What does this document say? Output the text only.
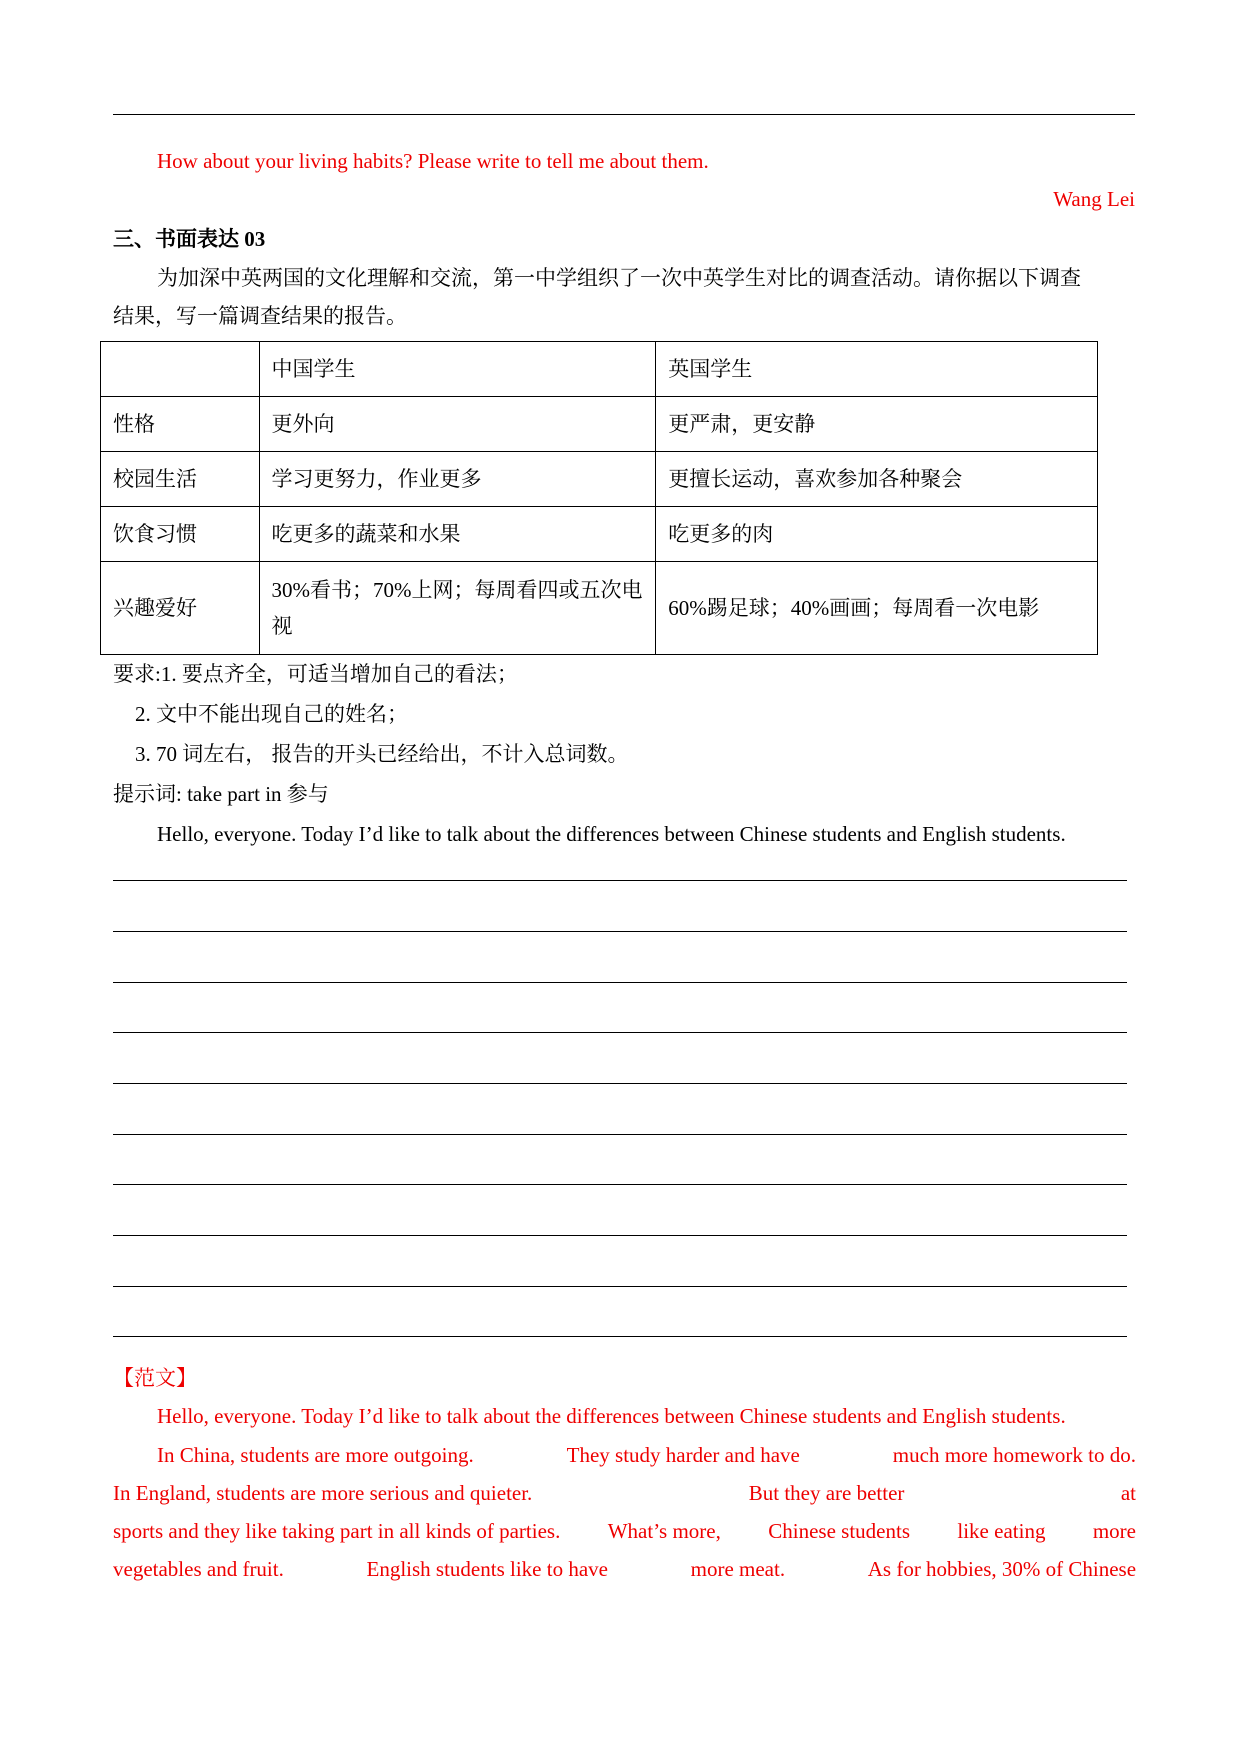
How about your living habits? Please write to tell me about them.
Wang Lei
三、书面表达 03
为加深中英两国的文化理解和交流，第一中学组织了一次中英学生对比的调查活动。请你据以下调查
结果，写一篇调查结果的报告。
	中国学生	英国学生
性格	更外向	更严肃，更安静
校园生活	学习更努力，作业更多	更擅长运动，喜欢参加各种聚会
饮食习惯	吃更多的蔬菜和水果	吃更多的肉
兴趣爱好	30%看书；70%上网；每周看四或五次电视	60%踢足球；40%画画；每周看一次电影
要求:1. 要点齐全，可适当增加自己的看法；
2. 文中不能出现自己的姓名；
3. 70 词左右， 报告的开头已经给出，不计入总词数。
提示词: take part in 参与
Hello, everyone. Today I’d like to talk about the differences between Chinese students and English students.
【范文】
Hello, everyone. Today I’d like to talk about the differences between Chinese students and English students.
In China, students are more outgoing.	They study harder and have	much more homework to do.
In England, students are more serious and quieter.	But they are better	at
sports and they like taking part in all kinds of parties. What’s more, Chinese students like eating more
vegetables and fruit.	English students like to have	more meat.	As for hobbies, 30% of Chinese
